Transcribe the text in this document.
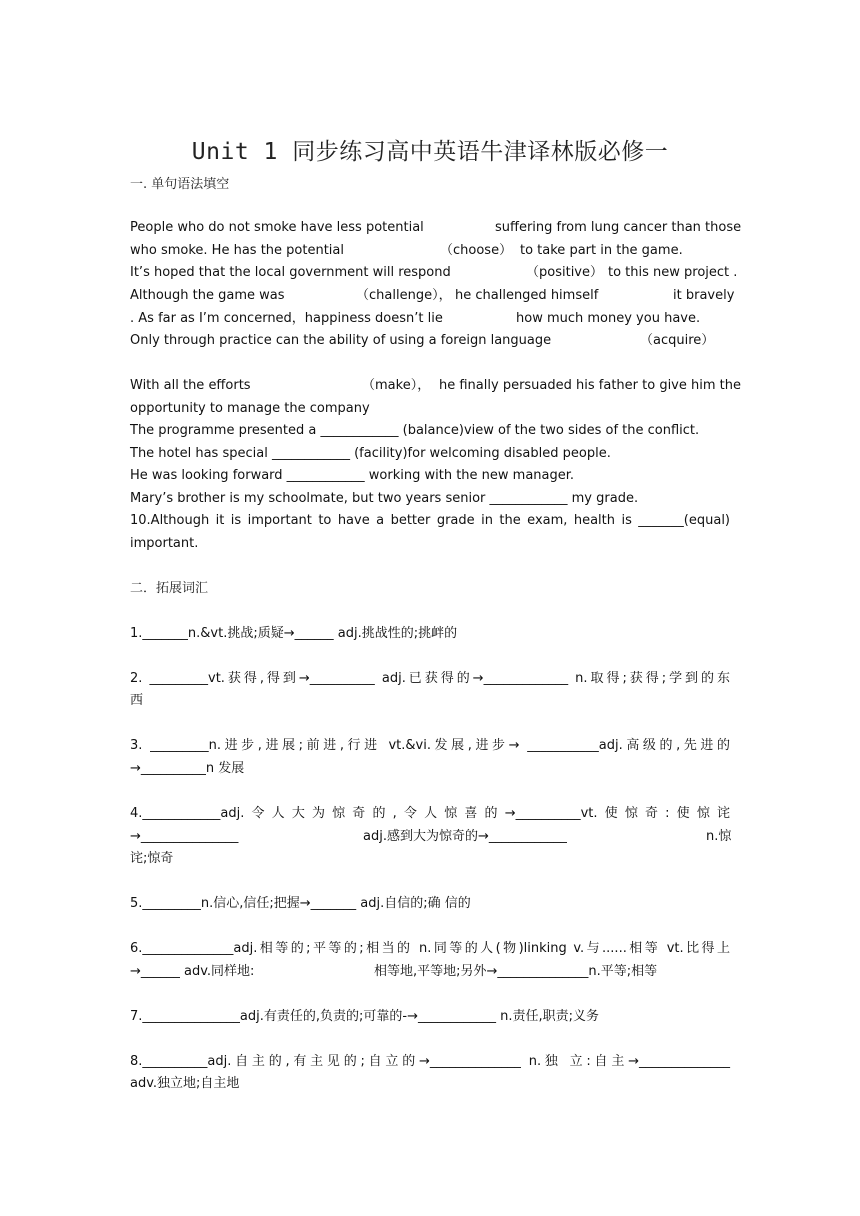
Unit 1 同步练习高中英语牛津译林版必修一
一. 单句语法填空
People who do not smoke have less potential	suffering from lung cancer than those
who smoke. He has the potential	（choose） to take part in the game.
It’s hoped that the local government will respond	（positive） to this new project .
Although the game was	（challenge）， he challenged himself	it bravely
. As far as I’m concerned，happiness doesn’t lie	how much money you have.
Only through practice can the ability of using a foreign language	（acquire）
With all the efforts	（make）， he finally persuaded his father to give him the
opportunity to manage the company
The programme presented a ____________ (balance)view of the two sides of the conflict.
The hotel has special ____________ (facility)for welcoming disabled people.
He was looking forward ____________ working with the new manager.
Mary’s brother is my schoolmate, but two years senior ____________ my grade.
10.Although it is important to have a better grade in the exam, health is _______(equal)
important.
二．拓展词汇
1._______n.&vt.挑战;质疑→______ adj.挑战性的;挑衅的
2. _________vt.获得,得到→__________ adj.已获得的→_____________ n.取得;获得;学到的东
西
3. _________n.进步,进展;前进,行进 vt.&vi.发展,进步→ ___________adj.高级的,先进的
→__________n 发展
4.____________adj.令人大为惊奇的,令人惊喜的→__________vt.使惊奇:使惊诧
→_______________	adj.感到大为惊奇的→____________	n.惊
诧;惊奇
5._________n.信心,信任;把握→_______ adj.自信的;确 信的
6.______________adj.相等的;平等的;相当的 n.同等的人(物)linking v.与......相等 vt.比得上
→______ adv.同样地:	相等地,平等地;另外→______________n.平等;相等
7._______________adj.有责任的,负责的;可靠的-→____________ n.责任,职责;义务
8.__________adj.自主的,有主见的;自立的→______________ n.独 立:自主→______________
adv.独立地;自主地
